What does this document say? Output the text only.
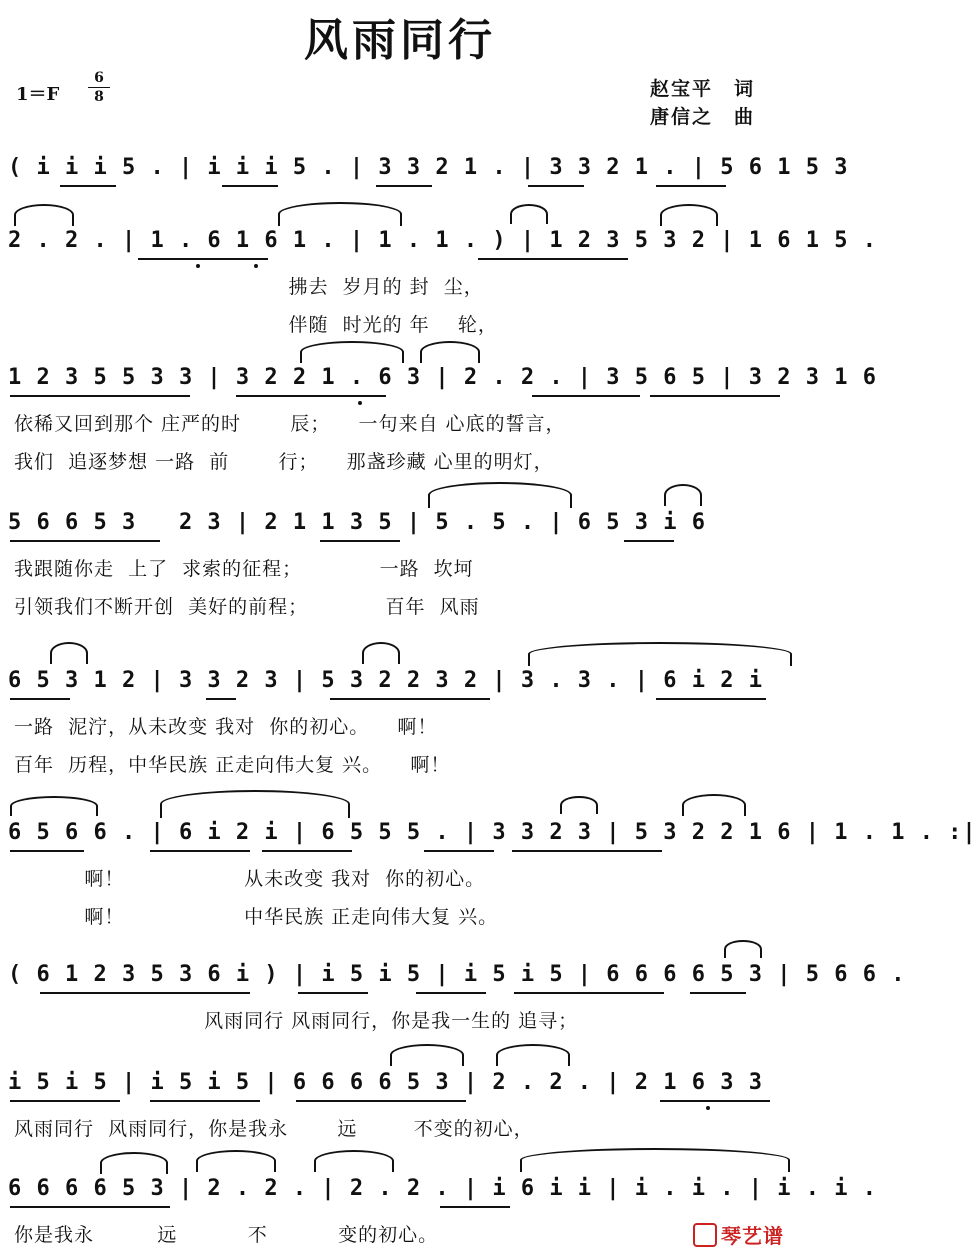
风雨同行
1＝F
6
8	赵宝平　词
唐信之　曲
( i i i 5 . | i i i 5 . | 3 3 2 1 . | 3 3 2 1 . | 5 6 1 5 3
2 . 2 . | 1 . 6 1 6 1 . | 1 . 1 . ) | 1 2 3 5 3 2 | 1 6 1 5 .
拂去  岁月的 封  尘，
伴随  时光的 年    轮，
1 2 3 5 5 3 3 | 3 2 2 1 . 6 3 | 2 . 2 . | 3 5 6 5 | 3 2 3 1 6
依稀又回到那个 庄严的时       辰；    一句来自 心底的誓言，
我们  追逐梦想 一路  前       行；    那盏珍藏 心里的明灯，
5 6 6 5 3   2 3 | 2 1 1 3 5 | 5 . 5 . | 6 5 3 i 6
我跟随你走  上了  求索的征程；           一路  坎坷
引领我们不断开创  美好的前程；           百年  风雨
6 5 3 1 2 | 3 3 2 3 | 5 3 2 2 3 2 | 3 . 3 . | 6 i 2 i
一路  泥泞，从未改变 我对  你的初心。    啊！
百年  历程，中华民族 正走向伟大复 兴。    啊！
6 5 6 6 . | 6 i 2 i | 6 5 5 5 . | 3 3 2 3 | 5 3 2 2 1 6 | 1 . 1 . :|
啊！                 从未改变 我对  你的初心。
啊！                 中华民族 正走向伟大复 兴。
( 6 1 2 3 5 3 6 i ) | i 5 i 5 | i 5 i 5 | 6 6 6 6 5 3 | 5 6 6 .
风雨同行 风雨同行，你是我一生的 追寻；
i 5 i 5 | i 5 i 5 | 6 6 6 6 5 3 | 2 . 2 . | 2 1 6 3 3
风雨同行  风雨同行，你是我永       远        不变的初心，
6 6 6 6 5 3 | 2 . 2 . | 2 . 2 . | i 6 i i | i . i . | i . i .
你是我永         远          不          变的初心。	琴艺谱
